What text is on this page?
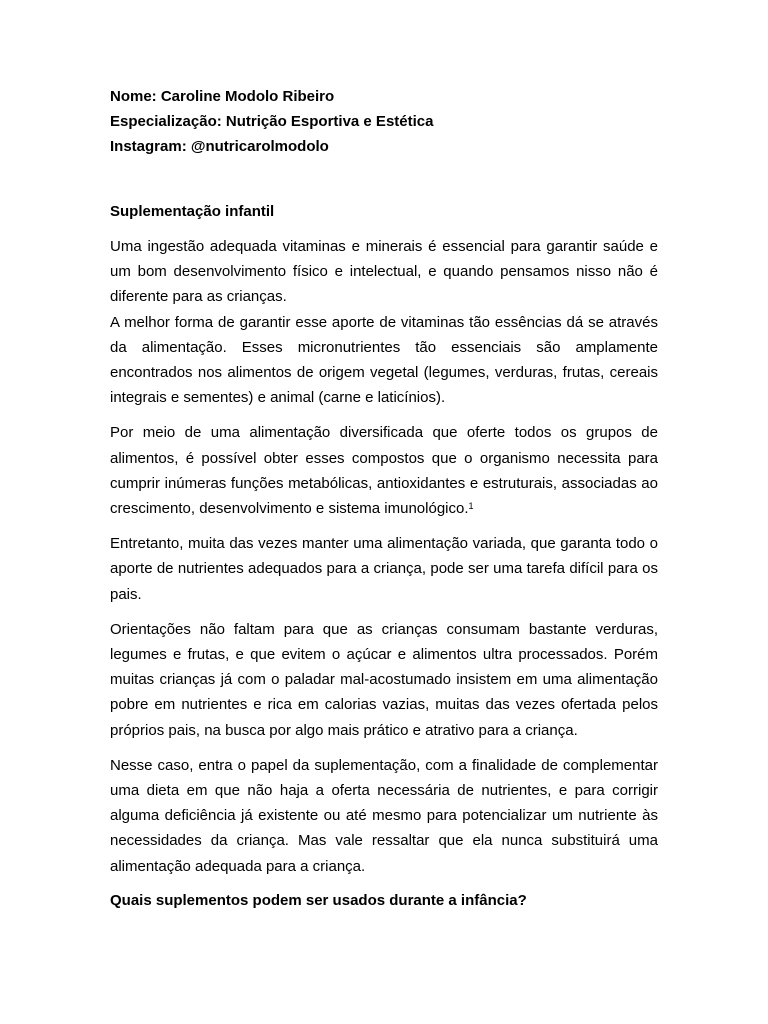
Nome: Caroline Modolo Ribeiro

Especialização: Nutrição Esportiva e Estética

Instagram: @nutricarolmodolo

Suplementação infantil

Uma ingestão adequada vitaminas e minerais é essencial para garantir saúde e um bom desenvolvimento físico e intelectual, e quando pensamos nisso não é diferente para as crianças.
A melhor forma de garantir esse aporte de vitaminas tão essências dá se através da alimentação. Esses micronutrientes tão essenciais são amplamente encontrados nos alimentos de origem vegetal (legumes, verduras, frutas, cereais integrais e sementes) e animal (carne e laticínios).

Por meio de uma alimentação diversificada que oferte todos os grupos de alimentos, é possível obter esses compostos que o organismo necessita para cumprir inúmeras funções metabólicas, antioxidantes e estruturais, associadas ao crescimento, desenvolvimento e sistema imunológico.$^1$

Entretanto, muita das vezes manter uma alimentação variada, que garanta todo o aporte de nutrientes adequados para a criança, pode ser uma tarefa difícil para os pais.

Orientações não faltam para que as crianças consumam bastante verduras, legumes e frutas, e que evitem o açúcar e alimentos ultra processados. Porém muitas crianças já com o paladar mal-acostumado insistem em uma alimentação pobre em nutrientes e rica em calorias vazias, muitas das vezes ofertada pelos próprios pais, na busca por algo mais prático e atrativo para a criança.

Nesse caso, entra o papel da suplementação, com a finalidade de complementar uma dieta em que não haja a oferta necessária de nutrientes, e para corrigir alguma deficiência já existente ou até mesmo para potencializar um nutriente às necessidades da criança. Mas vale ressaltar que ela nunca substituirá uma alimentação adequada para a criança.

Quais suplementos podem ser usados durante a infância?
